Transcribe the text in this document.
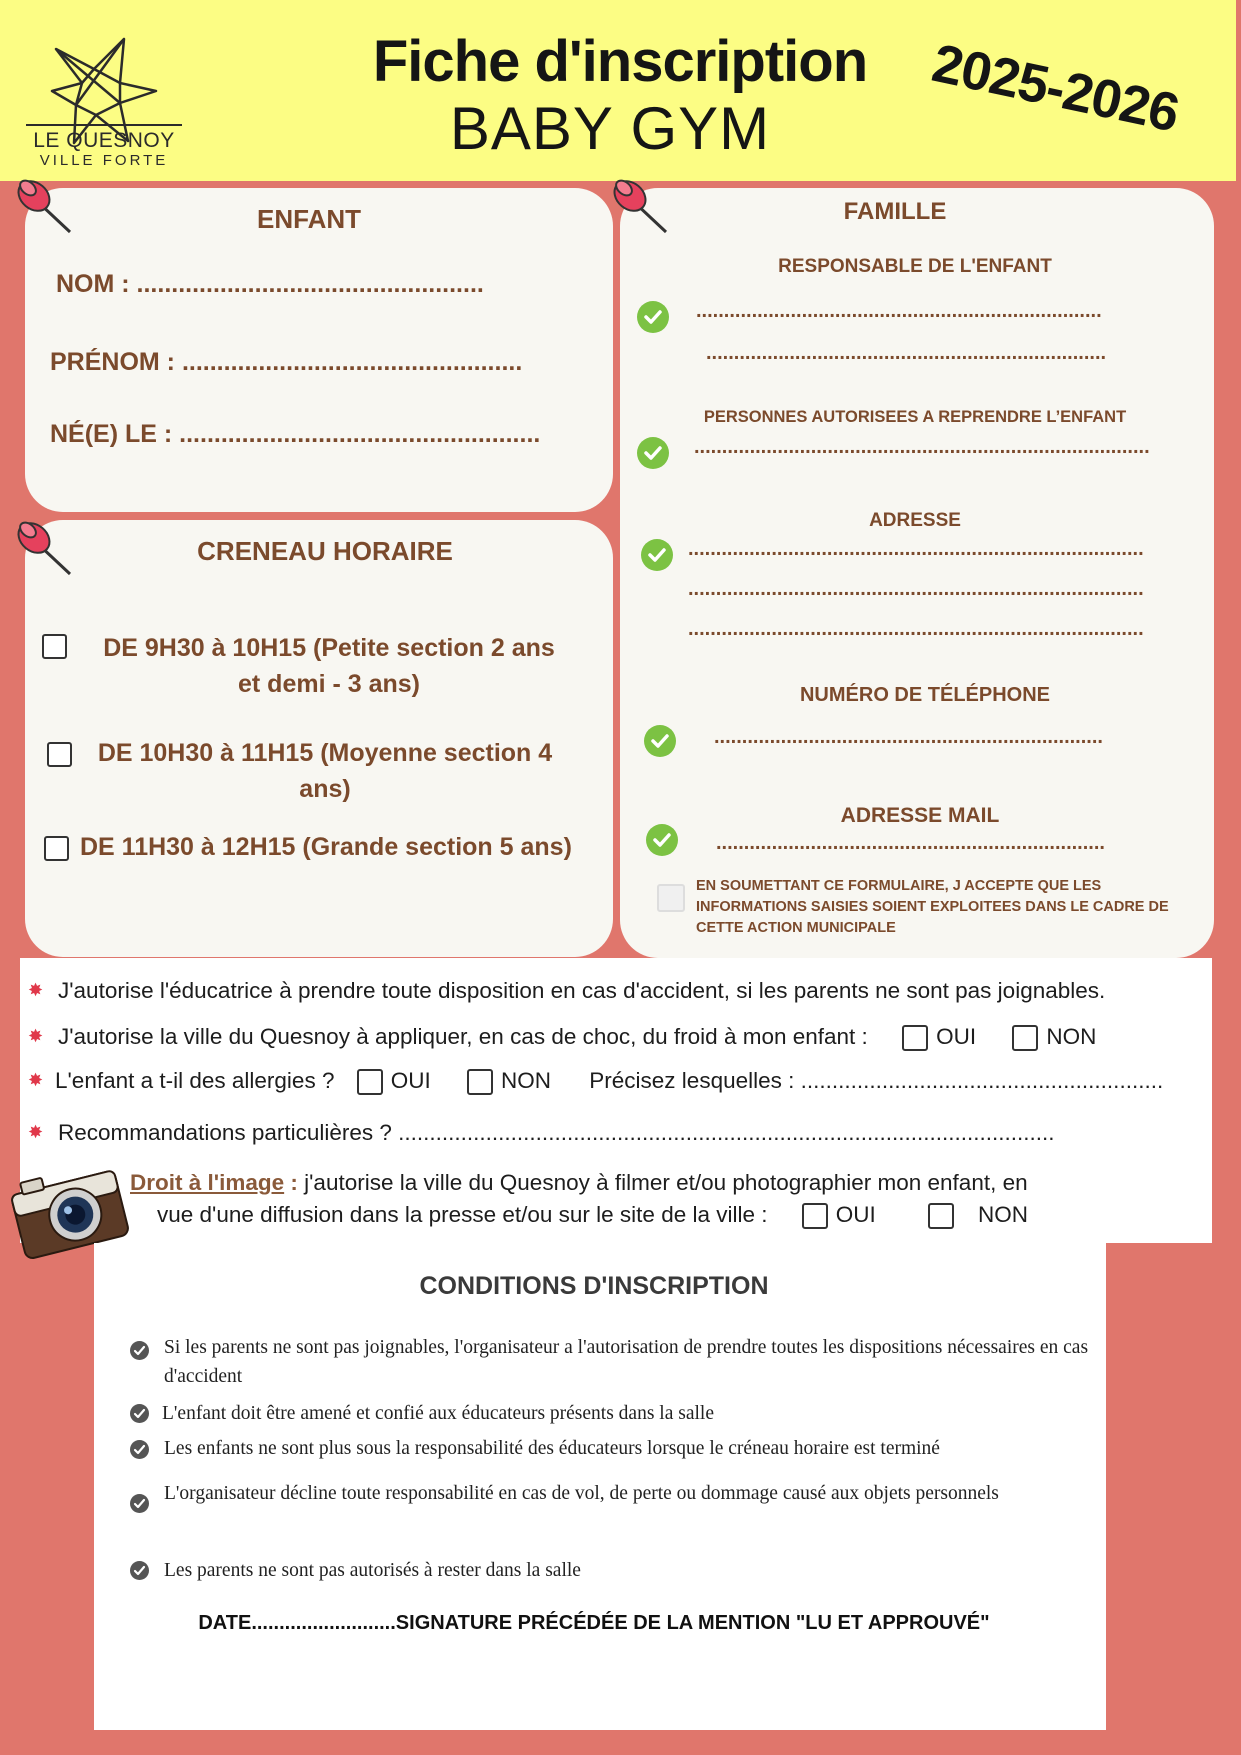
LE QUESNOY
VILLE FORTE
Fiche d'inscription
BABY GYM	2025-2026
ENFANT
NOM : ..................................................
PRÉNOM : .................................................
NÉ(E) LE : ....................................................
CRENEAU HORAIRE
DE 9H30 à 10H15 (Petite section 2 ans
et demi - 3 ans)
DE 10H30 à 11H15 (Moyenne section 4
ans)
DE 11H30 à 12H15 (Grande section 5 ans)
FAMILLE
RESPONSABLE DE L'ENFANT
.........................................................................
........................................................................
PERSONNES AUTORISEES A REPRENDRE L’ENFANT
..................................................................................
ADRESSE
..................................................................................
..................................................................................
..................................................................................
NUMÉRO DE TÉLÉPHONE
......................................................................
ADRESSE MAIL
......................................................................
EN SOUMETTANT CE FORMULAIRE, J ACCEPTE QUE LES
INFORMATIONS SAISIES SOIENT EXPLOITEES DANS LE CADRE DE
CETTE ACTION MUNICIPALE
✸ J'autorise l'éducatrice à prendre toute disposition en cas d'accident, si les parents ne sont pas joignables.
✸ J'autorise la ville du Quesnoy à appliquer, en cas de choc, du froid à mon enfant :	OUI	NON
✸ L'enfant a t-il des allergies ?	OUI	NON Précisez lesquelles : ..........................................................
✸ Recommandations particulières ? .........................................................................................................
Droit à l'image : j'autorise la ville du Quesnoy à filmer et/ou photographier mon enfant, en
vue d'une diffusion dans la presse et/ou sur le site de la ville :	OUI	NON
CONDITIONS D'INSCRIPTION
Si les parents ne sont pas joignables, l'organisateur a l'autorisation de prendre toutes les dispositions nécessaires en cas d'accident
L'enfant doit être amené et confié aux éducateurs présents dans la salle
Les enfants ne sont plus sous la responsabilité des éducateurs lorsque le créneau horaire est terminé
L'organisateur décline toute responsabilité en cas de vol, de perte ou dommage causé aux objets personnels
Les parents ne sont pas autorisés à rester dans la salle
DATE..........................SIGNATURE PRÉCÉDÉE DE LA MENTION "LU ET APPROUVÉ"
